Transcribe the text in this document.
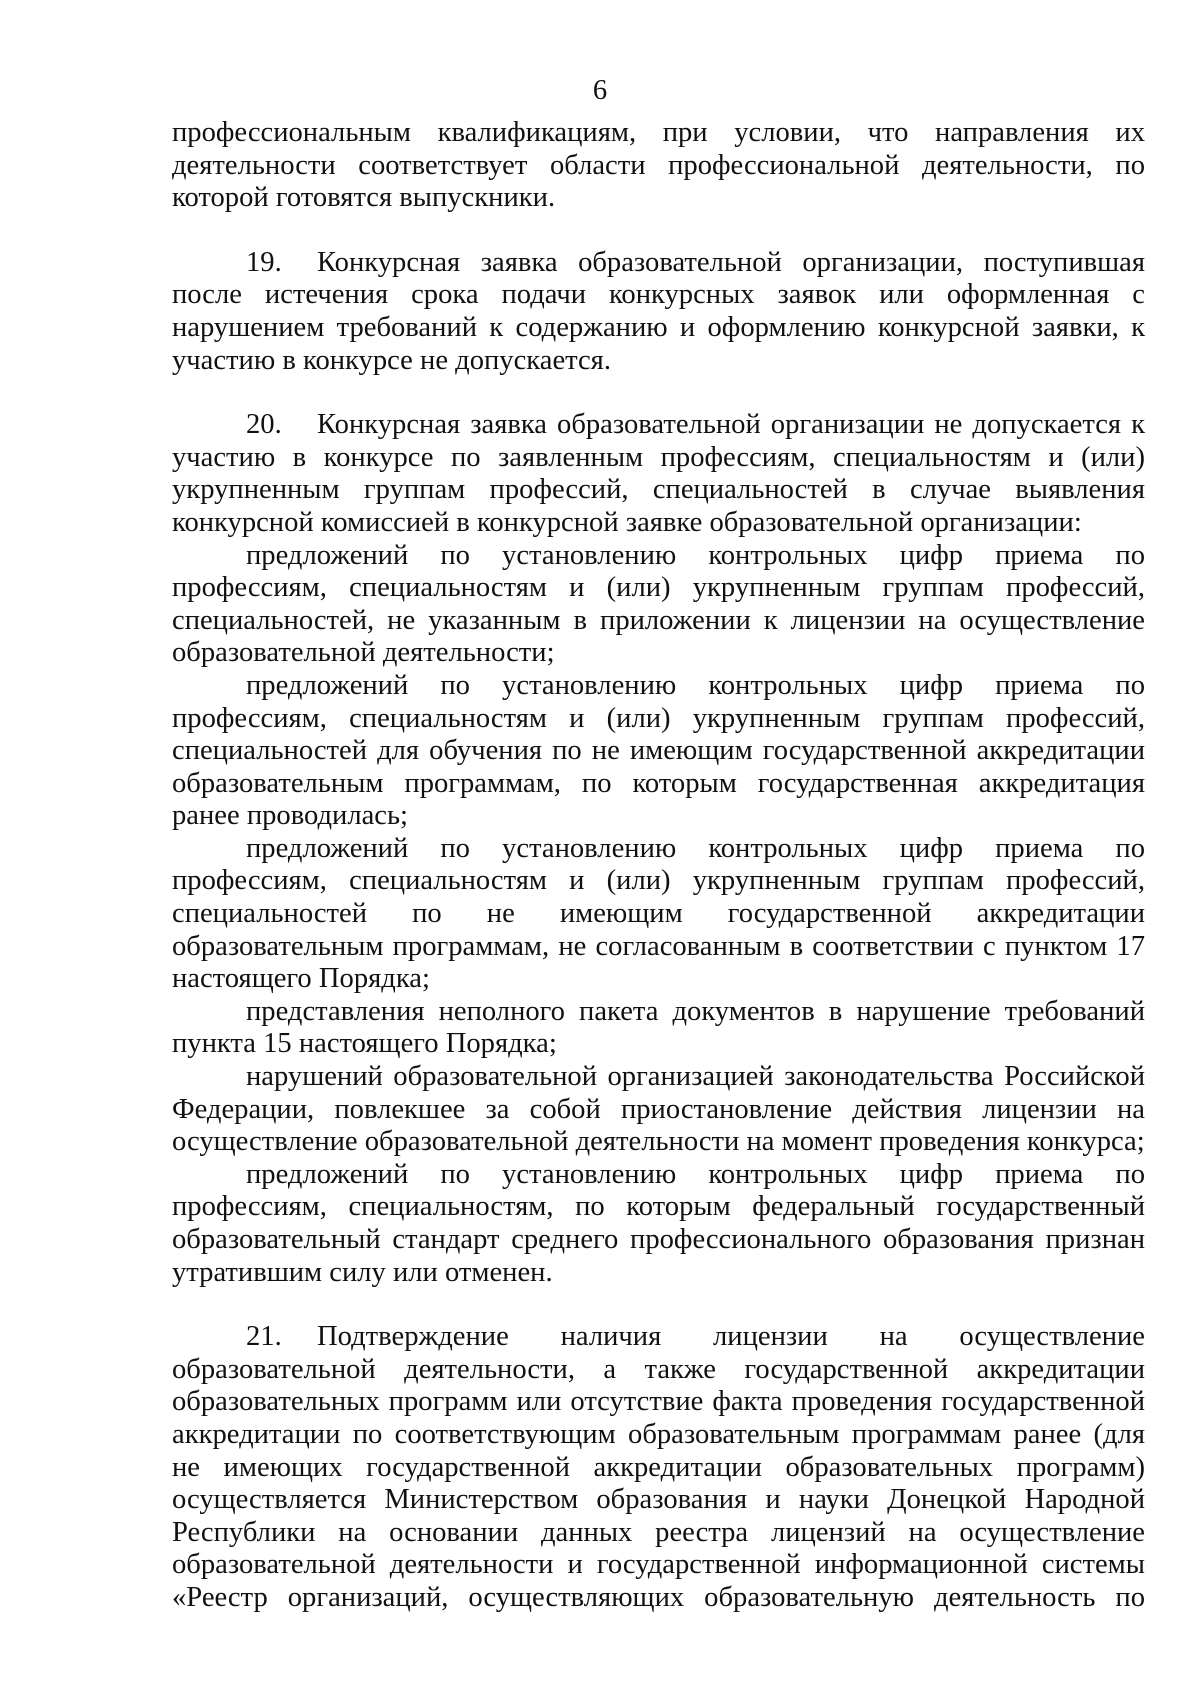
6

профессиональным квалификациям, при условии, что направления их деятельности соответствует области профессиональной деятельности, по которой готовятся выпускники.

19. Конкурсная заявка образовательной организации, поступившая после истечения срока подачи конкурсных заявок или оформленная с нарушением требований к содержанию и оформлению конкурсной заявки, к участию в конкурсе не допускается.

20. Конкурсная заявка образовательной организации не допускается к участию в конкурсе по заявленным профессиям, специальностям и (или) укрупненным группам профессий, специальностей в случае выявления конкурсной комиссией в конкурсной заявке образовательной организации:

предложений по установлению контрольных цифр приема по профессиям, специальностям и (или) укрупненным группам профессий, специальностей, не указанным в приложении к лицензии на осуществление образовательной деятельности;

предложений по установлению контрольных цифр приема по профессиям, специальностям и (или) укрупненным группам профессий, специальностей для обучения по не имеющим государственной аккредитации образовательным программам, по которым государственная аккредитация ранее проводилась;

предложений по установлению контрольных цифр приема по профессиям, специальностям и (или) укрупненным группам профессий, специальностей по не имеющим государственной аккредитации образовательным программам, не согласованным в соответствии с пунктом 17 настоящего Порядка;

представления неполного пакета документов в нарушение требований пункта 15 настоящего Порядка;

нарушений образовательной организацией законодательства Российской Федерации, повлекшее за собой приостановление действия лицензии на осуществление образовательной деятельности на момент проведения конкурса;

предложений по установлению контрольных цифр приема по профессиям, специальностям, по которым федеральный государственный образовательный стандарт среднего профессионального образования признан утратившим силу или отменен.

21. Подтверждение наличия лицензии на осуществление образовательной деятельности, а также государственной аккредитации образовательных программ или отсутствие факта проведения государственной аккредитации по соответствующим образовательным программам ранее (для не имеющих государственной аккредитации образовательных программ) осуществляется Министерством образования и науки Донецкой Народной Республики на основании данных реестра лицензий на осуществление образовательной деятельности и государственной информационной системы «Реестр организаций, осуществляющих образовательную деятельность по
